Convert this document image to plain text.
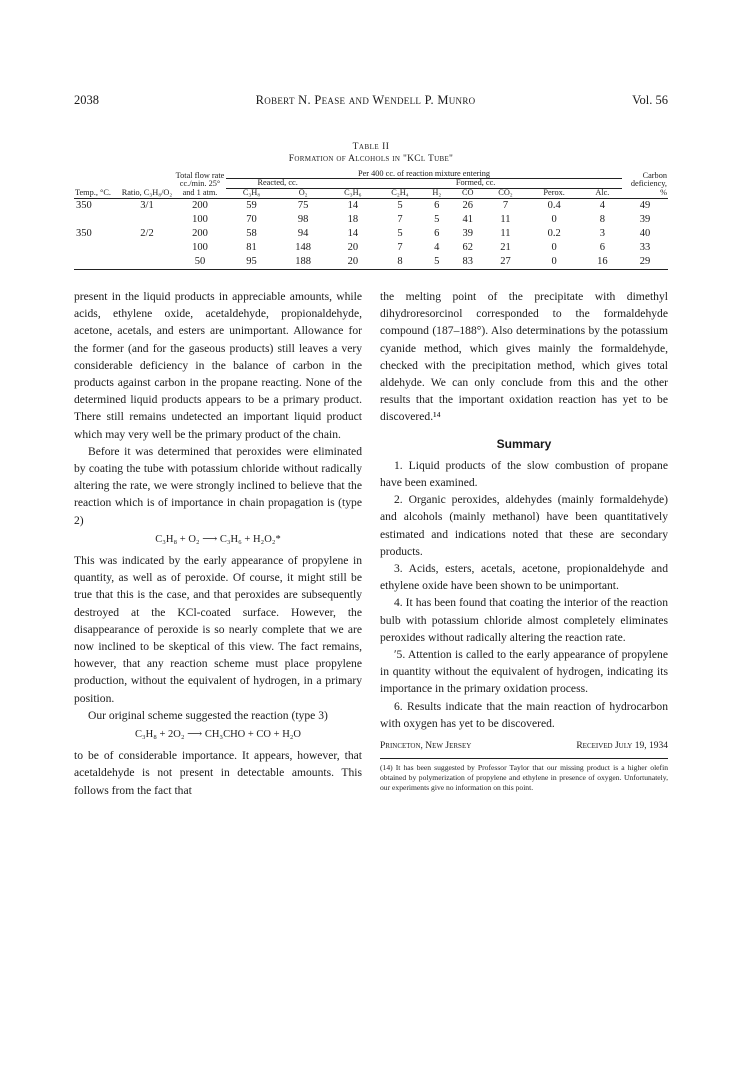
2038	Robert N. Pease and Wendell P. Munro	Vol. 56
Table II
Formation of Alcohols in "KCl Tube"
Temp., °C.	Ratio, C₃H₈/O₂	Total flow rate cc./min. 25° and 1 atm.	Per 400 cc. of reaction mixture entering									Carbon deficiency, %
			Reacted, cc.		Formed, cc.							
			C₃H₈	O₂	C₃H₆	C₂H₄	H₂	CO	CO₂	Perox.	Alc.	
350	3/1	200	59	75	14	5	6	26	7	0.4	4	49
		100	70	98	18	7	5	41	11	0	8	39
350	2/2	200	58	94	14	5	6	39	11	0.2	3	40
		100	81	148	20	7	4	62	21	0	6	33
		50	95	188	20	8	5	83	27	0	16	29

present in the liquid products in appreciable amounts, while acids, ethylene oxide, acetaldehyde, propionaldehyde, acetone, acetals, and esters are unimportant. Allowance for the former (and for the gaseous products) still leaves a very considerable deficiency in the balance of carbon in the products against carbon in the propane reacting. None of the determined liquid products appears to be a primary product. There still remains undetected an important liquid product which may very well be the primary product of the chain.

Before it was determined that peroxides were eliminated by coating the tube with potassium chloride without radically altering the rate, we were strongly inclined to believe that the reaction which is of importance in chain propagation is (type 2)

C₃H₈ + O₂ ⟶ C₃H₆ + H₂O₂*

This was indicated by the early appearance of propylene in quantity, as well as of peroxide. Of course, it might still be true that this is the case, and that peroxides are subsequently destroyed at the KCl-coated surface. However, the disappearance of peroxide is so nearly complete that we are now inclined to be skeptical of this view. The fact remains, however, that any reaction scheme must place propylene production, without the equivalent of hydrogen, in a primary position.

Our original scheme suggested the reaction (type 3)

C₃H₈ + 2O₂ ⟶ CH₃CHO + CO + H₂O

to be of considerable importance. It appears, however, that acetaldehyde is not present in detectable amounts. This follows from the fact that

the melting point of the precipitate with dimethyl dihydroresorcinol corresponded to the formaldehyde compound (187–188°). Also determinations by the potassium cyanide method, which gives mainly the formaldehyde, checked with the precipitation method, which gives total aldehyde. We can only conclude from this and the other results that the important oxidation reaction has yet to be discovered.¹⁴

Summary

1. Liquid products of the slow combustion of propane have been examined.

2. Organic peroxides, aldehydes (mainly formaldehyde) and alcohols (mainly methanol) have been quantitatively estimated and indications noted that these are secondary products.

3. Acids, esters, acetals, acetone, propionaldehyde and ethylene oxide have been shown to be unimportant.

4. It has been found that coating the interior of the reaction bulb with potassium chloride almost completely eliminates peroxides without radically altering the reaction rate.

ʹ5. Attention is called to the early appearance of propylene in quantity without the equivalent of hydrogen, indicating its importance in the primary oxidation process.

6. Results indicate that the main reaction of hydrocarbon with oxygen has yet to be discovered.

Princeton, New Jersey	Received July 19, 1934
(14) It has been suggested by Professor Taylor that our missing product is a higher olefin obtained by polymerization of propylene and ethylene in presence of oxygen. Unfortunately, our experiments give no information on this point.
